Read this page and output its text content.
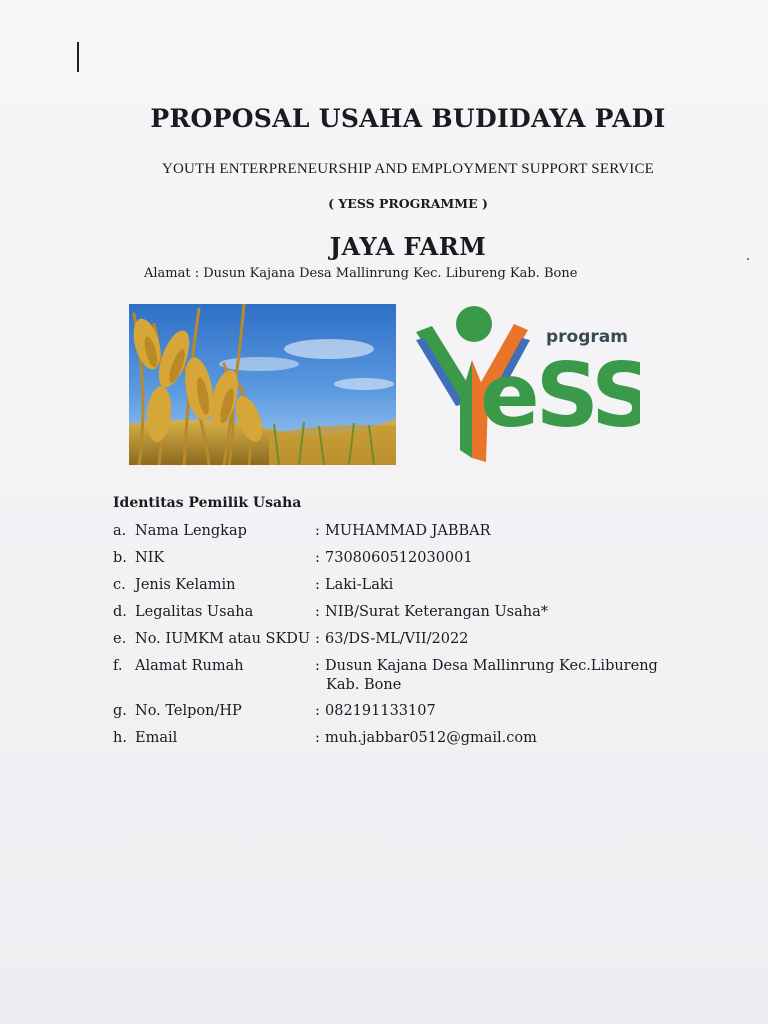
PROPOSAL USAHA BUDIDAYA PADI
YOUTH ENTERPRENEURSHIP AND EMPLOYMENT SUPPORT SERVICE
( YESS PROGRAMME )
JAYA FARM
Alamat : Dusun Kajana Desa Mallinrung Kec. Libureng Kab. Bone
program
eSS
Identitas Pemilik Usaha
a. Nama Lengkap	: MUHAMMAD JABBAR
b. NIK	: 7308060512030001
c. Jenis Kelamin	: Laki-Laki
d. Legalitas Usaha	: NIB/Surat Keterangan Usaha*
e. No. IUMKM atau SKDU : 63/DS-ML/VII/2022
f. Alamat Rumah	: Dusun Kajana Desa Mallinrung Kec.Libureng
Kab. Bone
g. No. Telpon/HP	: 082191133107
h. Email	: muh.jabbar0512@gmail.com
